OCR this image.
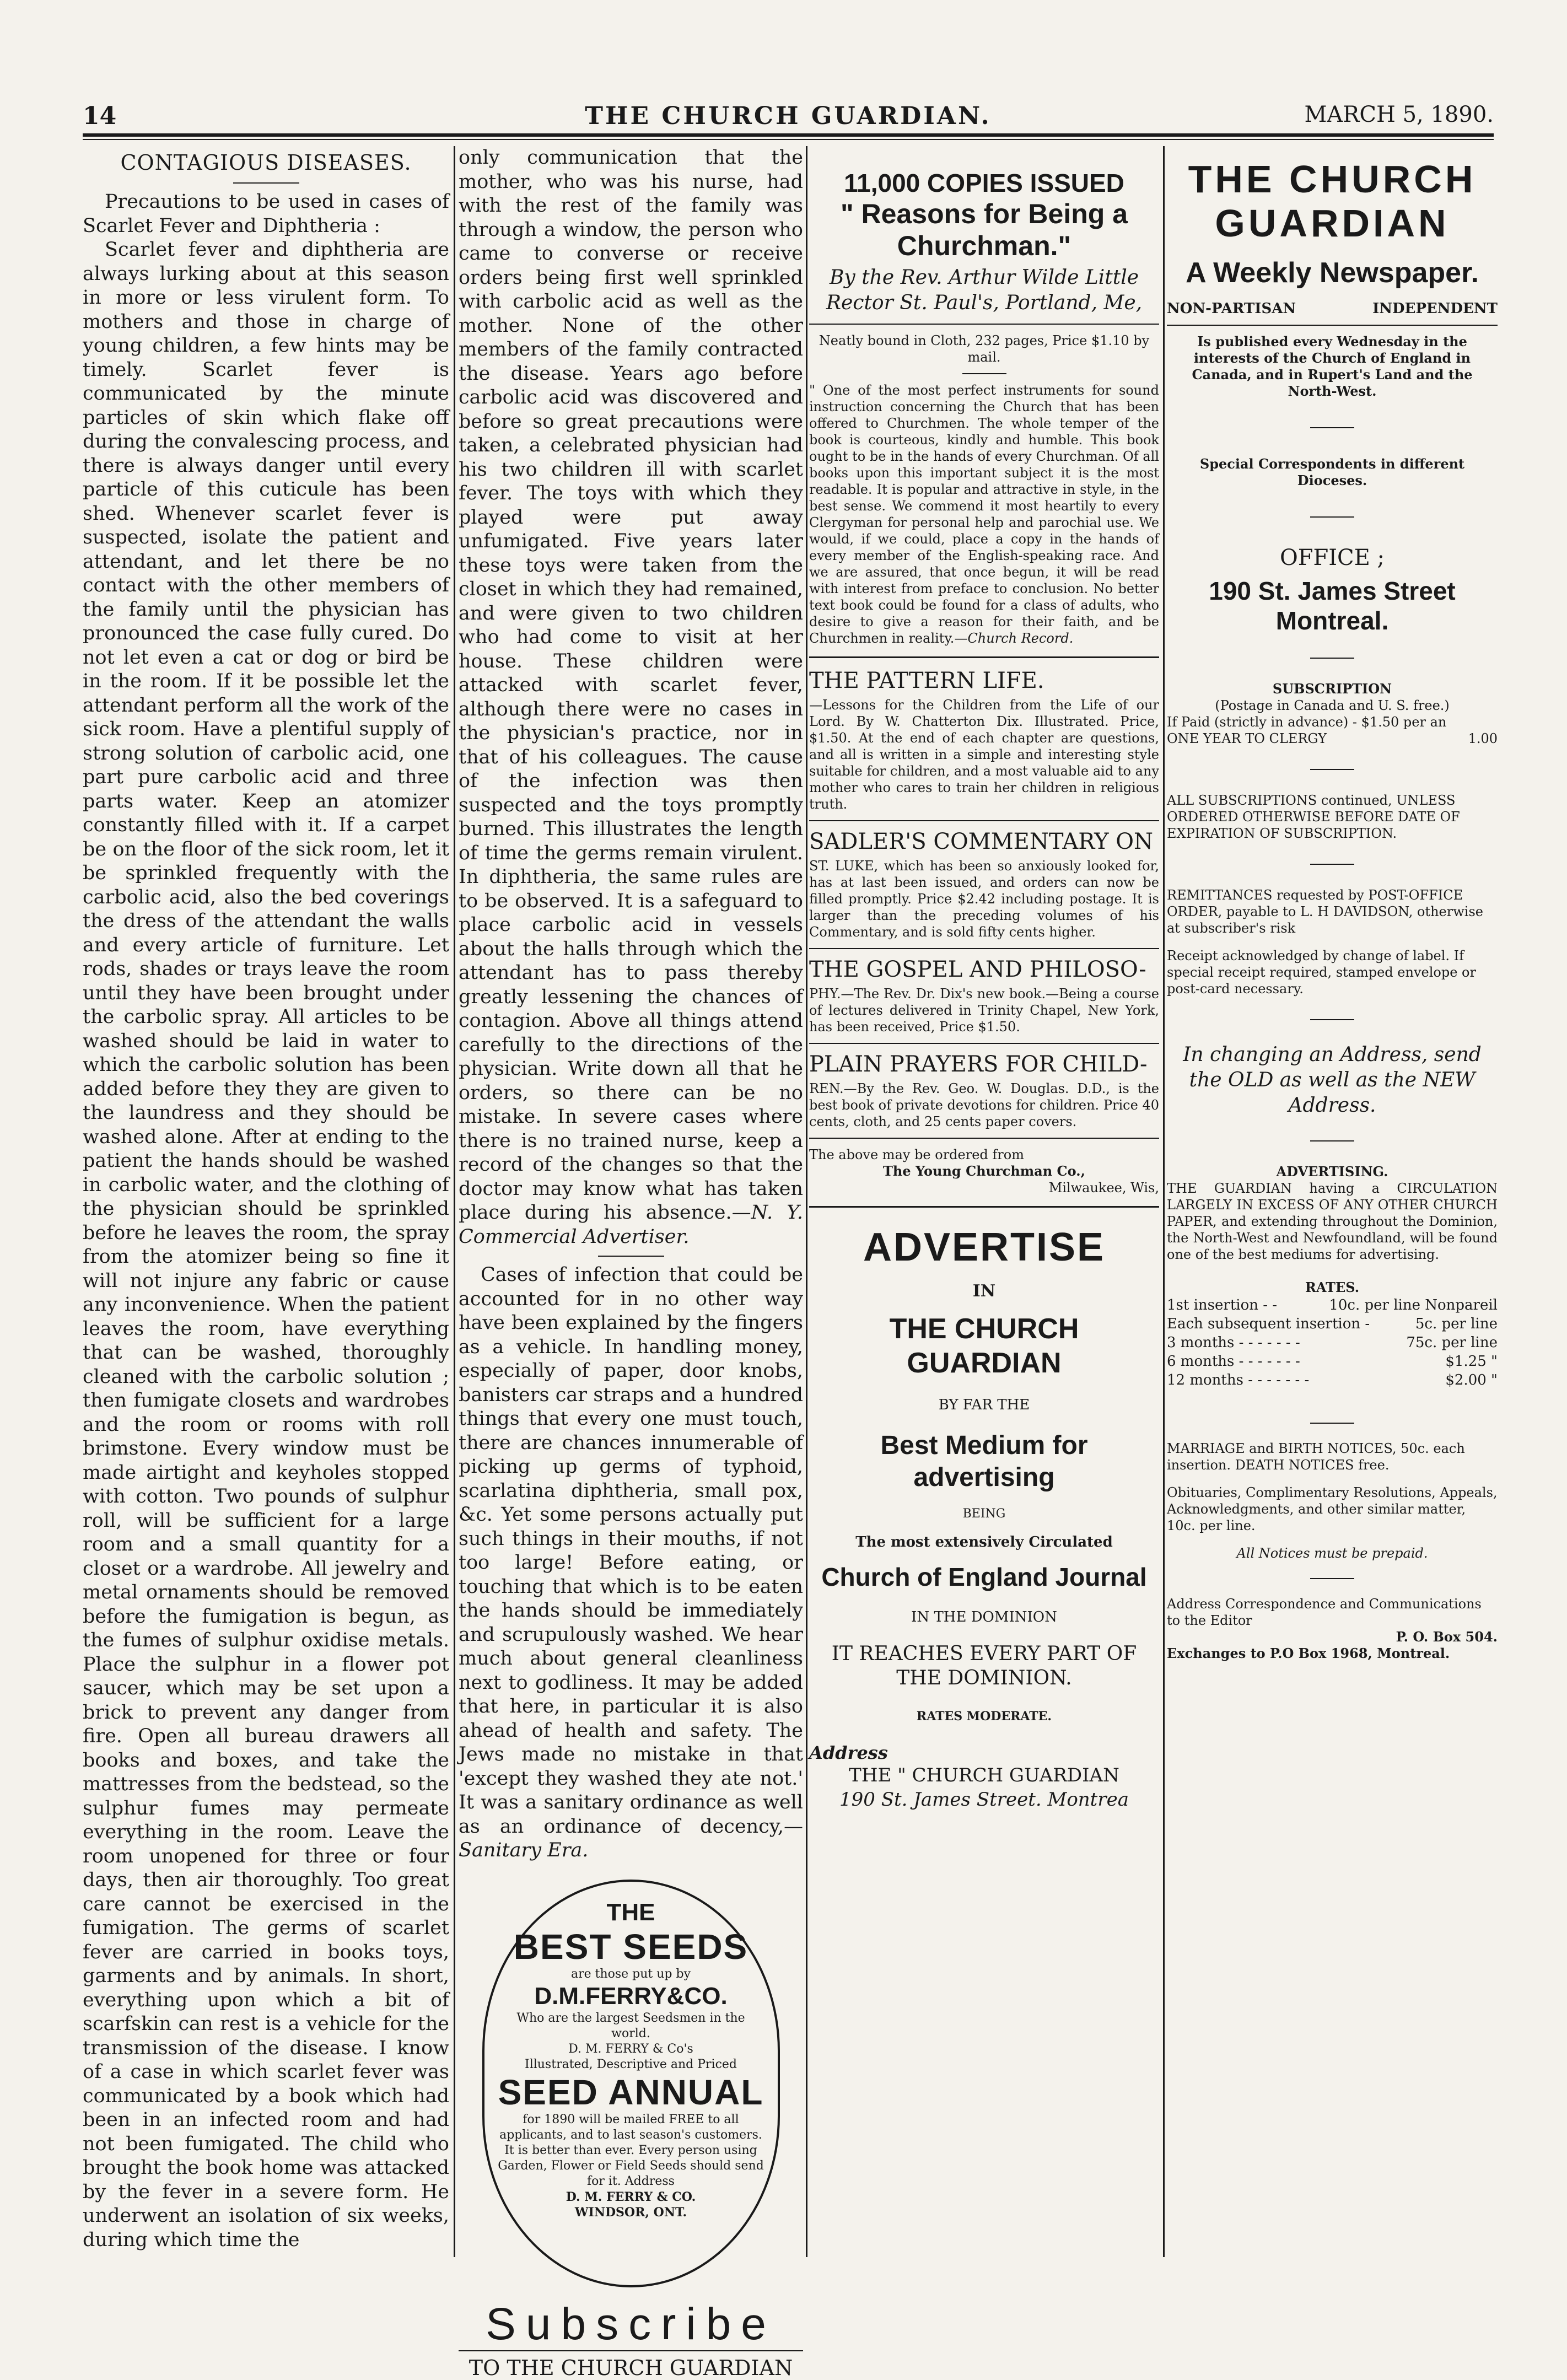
14	THE CHURCH GUARDIAN.	MARCH 5, 1890.
CONTAGIOUS DISEASES.

Precautions to be used in cases of Scarlet Fever and Diphtheria :

Scarlet fever and diphtheria are always lurking about at this season in more or less virulent form. To mothers and those in charge of young children, a few hints may be timely. Scarlet fever is communicated by the minute particles of skin which flake off during the convalescing process, and there is always danger until every particle of this cuticule has been shed. Whenever scarlet fever is suspected, isolate the patient and attendant, and let there be no contact with the other members of the family until the physician has pronounced the case fully cured. Do not let even a cat or dog or bird be in the room. If it be possible let the attendant perform all the work of the sick room. Have a plentiful supply of strong solution of carbolic acid, one part pure carbolic acid and three parts water. Keep an atomizer constantly filled with it. If a carpet be on the floor of the sick room, let it be sprinkled frequently with the carbolic acid, also the bed coverings the dress of the attendant the walls and every article of furniture. Let rods, shades or trays leave the room until they have been brought under the carbolic spray. All articles to be washed should be laid in water to which the carbolic solution has been added before they they are given to the laundress and they should be washed alone. After at ending to the patient the hands should be washed in carbolic water, and the clothing of the physician should be sprinkled before he leaves the room, the spray from the atomizer being so fine it will not injure any fabric or cause any inconvenience. When the patient leaves the room, have everything that can be washed, thoroughly cleaned with the carbolic solution ; then fumigate closets and wardrobes and the room or rooms with roll brimstone. Every window must be made airtight and keyholes stopped with cotton. Two pounds of sulphur roll, will be sufficient for a large room and a small quantity for a closet or a wardrobe. All jewelry and metal ornaments should be removed before the fumigation is begun, as the fumes of sulphur oxidise metals. Place the sulphur in a flower pot saucer, which may be set upon a brick to prevent any danger from fire. Open all bureau drawers all books and boxes, and take the mattresses from the bedstead, so the sulphur fumes may permeate everything in the room. Leave the room unopened for three or four days, then air thoroughly. Too great care cannot be exercised in the fumigation. The germs of scarlet fever are carried in books toys, garments and by animals. In short, everything upon which a bit of scarfskin can rest is a vehicle for the transmission of the disease. I know of a case in which scarlet fever was communicated by a book which had been in an infected room and had not been fumigated. The child who brought the book home was attacked by the fever in a severe form. He underwent an isolation of six weeks, during which time the

only communication that the mother, who was his nurse, had with the rest of the family was through a window, the person who came to converse or receive orders being first well sprinkled with carbolic acid as well as the mother. None of the other members of the family contracted the disease. Years ago before carbolic acid was discovered and before so great precautions were taken, a celebrated physician had his two children ill with scarlet fever. The toys with which they played were put away unfumigated. Five years later these toys were taken from the closet in which they had remained, and were given to two children who had come to visit at her house. These children were attacked with scarlet fever, although there were no cases in the physician's practice, nor in that of his colleagues. The cause of the infection was then suspected and the toys promptly burned. This illustrates the length of time the germs remain virulent. In diphtheria, the same rules are to be observed. It is a safeguard to place carbolic acid in vessels about the halls through which the attendant has to pass thereby greatly lessening the chances of contagion. Above all things attend carefully to the directions of the physician. Write down all that he orders, so there can be no mistake. In severe cases where there is no trained nurse, keep a record of the changes so that the doctor may know what has taken place during his absence.—N. Y. Commercial Advertiser.

Cases of infection that could be accounted for in no other way have been explained by the fingers as a vehicle. In handling money, especially of paper, door knobs, banisters car straps and a hundred things that every one must touch, there are chances innumerable of picking up germs of typhoid, scarlatina diphtheria, small pox, &c. Yet some persons actually put such things in their mouths, if not too large! Before eating, or touching that which is to be eaten the hands should be immediately and scrupulously washed. We hear much about general cleanliness next to godliness. It may be added that here, in particular it is also ahead of health and safety. The Jews made no mistake in that 'except they washed they ate not.' It was a sanitary ordinance as well as an ordinance of decency,—Sanitary Era.

THE
BEST SEEDS
are those put up by
D.M.FERRY&CO.
Who are the largest Seedsmen in the world.
D. M. FERRY & Co's
Illustrated, Descriptive and Priced
SEED ANNUAL
for 1890 will be mailed FREE to all applicants, and to last season's customers. It is better than ever. Every person using Garden, Flower or Field Seeds should send for it. Address
D. M. FERRY & CO.
WINDSOR, ONT.
Subscribe
TO THE CHURCH GUARDIAN
11,000 COPIES ISSUED
" Reasons for Being a Churchman."
By the Rev. Arthur Wilde Little
Rector St. Paul's, Portland, Me,
Neatly bound in Cloth, 232 pages, Price $1.10 by mail.
" One of the most perfect instruments for sound instruction concerning the Church that has been offered to Churchmen. The whole temper of the book is courteous, kindly and humble. This book ought to be in the hands of every Churchman. Of all books upon this important subject it is the most readable. It is popular and attractive in style, in the best sense. We commend it most heartily to every Clergyman for personal help and parochial use. We would, if we could, place a copy in the hands of every member of the English-speaking race. And we are assured, that once begun, it will be read with interest from preface to conclusion. No better text book could be found for a class of adults, who desire to give a reason for their faith, and be Churchmen in reality.—Church Record.
THE PATTERN LIFE.
—Lessons for the Children from the Life of our Lord. By W. Chatterton Dix. Illustrated. Price, $1.50. At the end of each chapter are questions, and all is written in a simple and interesting style suitable for children, and a most valuable aid to any mother who cares to train her children in religious truth.
SADLER'S COMMENTARY ON
ST. LUKE, which has been so anxiously looked for, has at last been issued, and orders can now be filled promptly. Price $2.42 including postage. It is larger than the preceding volumes of his Commentary, and is sold fifty cents higher.
THE GOSPEL AND PHILOSO-
PHY.—The Rev. Dr. Dix's new book.—Being a course of lectures delivered in Trinity Chapel, New York, has been received, Price $1.50.
PLAIN PRAYERS FOR CHILD-
REN.—By the Rev. Geo. W. Douglas. D.D., is the best book of private devotions for children. Price 40 cents, cloth, and 25 cents paper covers.
The above may be ordered from
The Young Churchman Co.,
Milwaukee, Wis,
ADVERTISE
IN
THE CHURCH GUARDIAN
BY FAR THE
Best Medium for advertising
BEING
The most extensively Circulated
Church of England Journal
IN THE DOMINION
IT REACHES EVERY PART OF THE DOMINION.
RATES MODERATE.
Address
THE " CHURCH GUARDIAN
190 St. James Street. Montrea
THE CHURCH GUARDIAN
A Weekly Newspaper.
NON-PARTISAN	INDEPENDENT
Is published every Wednesday in the interests of the Church of England in Canada, and in Rupert's Land and the North-West.
Special Correspondents in different Dioceses.
OFFICE ;
190 St. James Street Montreal.
SUBSCRIPTION
(Postage in Canada and U. S. free.)
If Paid (strictly in advance) - $1.50 per an
ONE YEAR TO CLERGY	1.00
ALL SUBSCRIPTIONS continued, UNLESS ORDERED OTHERWISE BEFORE DATE OF EXPIRATION OF SUBSCRIPTION.
REMITTANCES requested by POST-OFFICE ORDER, payable to L. H DAVIDSON, otherwise at subscriber's risk
Receipt acknowledged by change of label. If special receipt required, stamped envelope or post-card necessary.
In changing an Address, send the OLD as well as the NEW Address.
ADVERTISING.
THE GUARDIAN having a CIRCULATION LARGELY IN EXCESS OF ANY OTHER CHURCH PAPER, and extending throughout the Dominion, the North-West and Newfoundland, will be found one of the best mediums for advertising.
RATES.
1st insertion - -	10c. per line Nonpareil
Each subsequent insertion -	5c. per line
3 months - - - - - - -	75c. per line
6 months - - - - - - -	$1.25 "
12 months - - - - - - -	$2.00 "
MARRIAGE and BIRTH NOTICES, 50c. each insertion. DEATH NOTICES free.
Obituaries, Complimentary Resolutions, Appeals, Acknowledgments, and other similar matter, 10c. per line.
All Notices must be prepaid.
Address Correspondence and Communications to the Editor
P. O. Box 504.
Exchanges to P.O Box 1968, Montreal.
